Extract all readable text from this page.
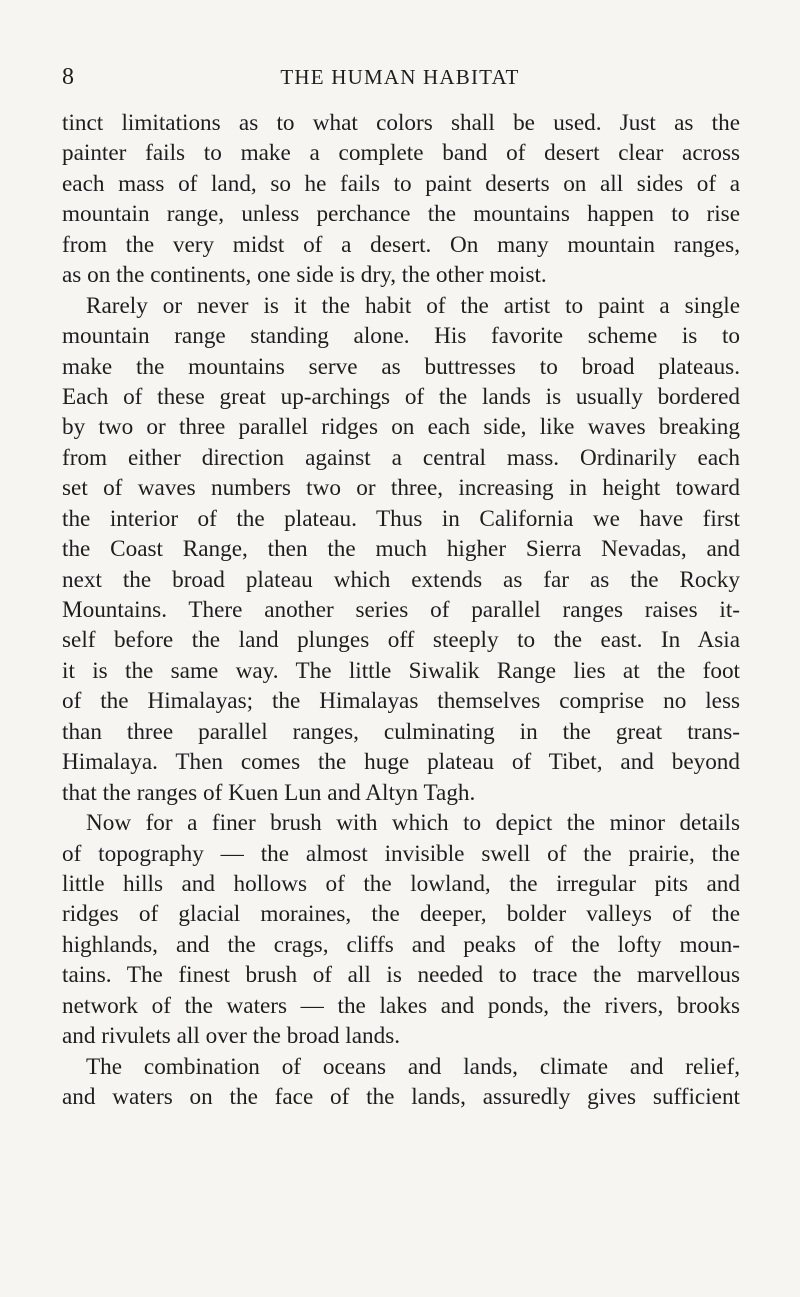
8	THE HUMAN HABITAT
tinct limitations as to what colors shall be used. Just as the
painter fails to make a complete band of desert clear across
each mass of land, so he fails to paint deserts on all sides of a
mountain range, unless perchance the mountains happen to rise
from the very midst of a desert. On many mountain ranges,
as on the continents, one side is dry, the other moist.
Rarely or never is it the habit of the artist to paint a single
mountain range standing alone. His favorite scheme is to
make the mountains serve as buttresses to broad plateaus.
Each of these great up-archings of the lands is usually bordered
by two or three parallel ridges on each side, like waves breaking
from either direction against a central mass. Ordinarily each
set of waves numbers two or three, increasing in height toward
the interior of the plateau. Thus in California we have first
the Coast Range, then the much higher Sierra Nevadas, and
next the broad plateau which extends as far as the Rocky
Mountains. There another series of parallel ranges raises it-
self before the land plunges off steeply to the east. In Asia
it is the same way. The little Siwalik Range lies at the foot
of the Himalayas; the Himalayas themselves comprise no less
than three parallel ranges, culminating in the great trans-
Himalaya. Then comes the huge plateau of Tibet, and beyond
that the ranges of Kuen Lun and Altyn Tagh.
Now for a finer brush with which to depict the minor details
of topography — the almost invisible swell of the prairie, the
little hills and hollows of the lowland, the irregular pits and
ridges of glacial moraines, the deeper, bolder valleys of the
highlands, and the crags, cliffs and peaks of the lofty moun-
tains. The finest brush of all is needed to trace the marvellous
network of the waters — the lakes and ponds, the rivers, brooks
and rivulets all over the broad lands.
The combination of oceans and lands, climate and relief,
and waters on the face of the lands, assuredly gives sufficient
